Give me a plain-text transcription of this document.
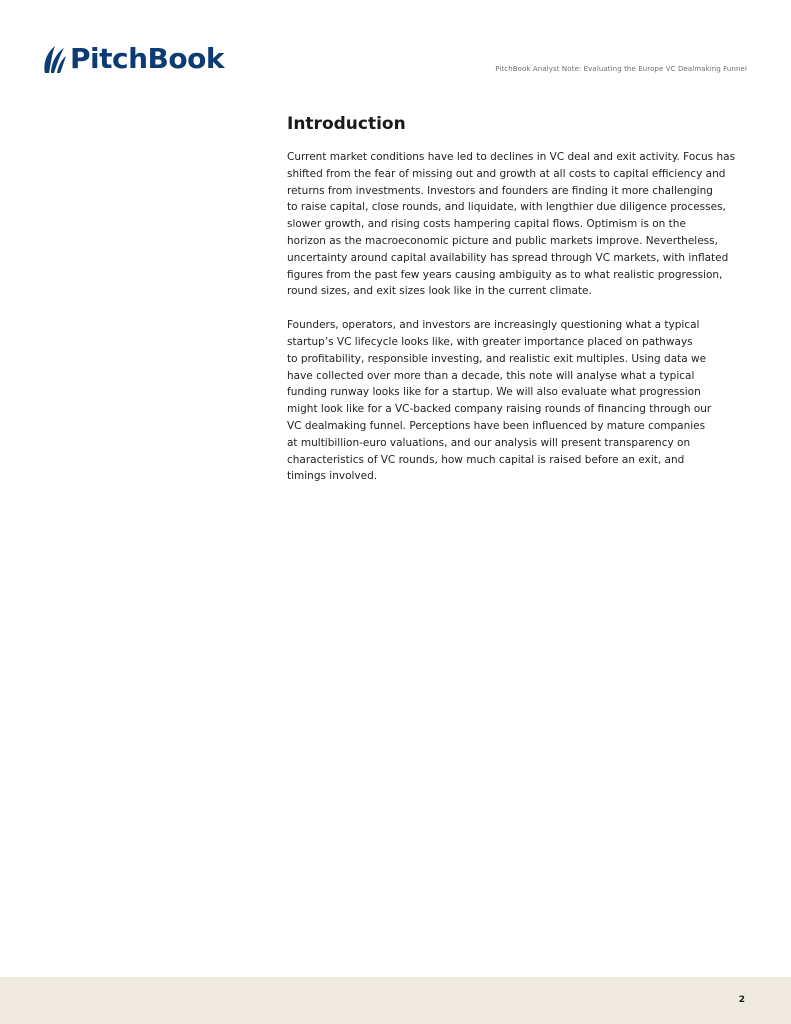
PitchBook	PitchBook Analyst Note: Evaluating the Europe VC Dealmaking Funnel
Introduction

Current market conditions have led to declines in VC deal and exit activity. Focus has
shifted from the fear of missing out and growth at all costs to capital efficiency and
returns from investments. Investors and founders are finding it more challenging
to raise capital, close rounds, and liquidate, with lengthier due diligence processes,
slower growth, and rising costs hampering capital flows. Optimism is on the
horizon as the macroeconomic picture and public markets improve. Nevertheless,
uncertainty around capital availability has spread through VC markets, with inflated
figures from the past few years causing ambiguity as to what realistic progression,
round sizes, and exit sizes look like in the current climate.

Founders, operators, and investors are increasingly questioning what a typical
startup’s VC lifecycle looks like, with greater importance placed on pathways
to profitability, responsible investing, and realistic exit multiples. Using data we
have collected over more than a decade, this note will analyse what a typical
funding runway looks like for a startup. We will also evaluate what progression
might look like for a VC-backed company raising rounds of financing through our
VC dealmaking funnel. Perceptions have been influenced by mature companies
at multibillion-euro valuations, and our analysis will present transparency on
characteristics of VC rounds, how much capital is raised before an exit, and
timings involved.

2
